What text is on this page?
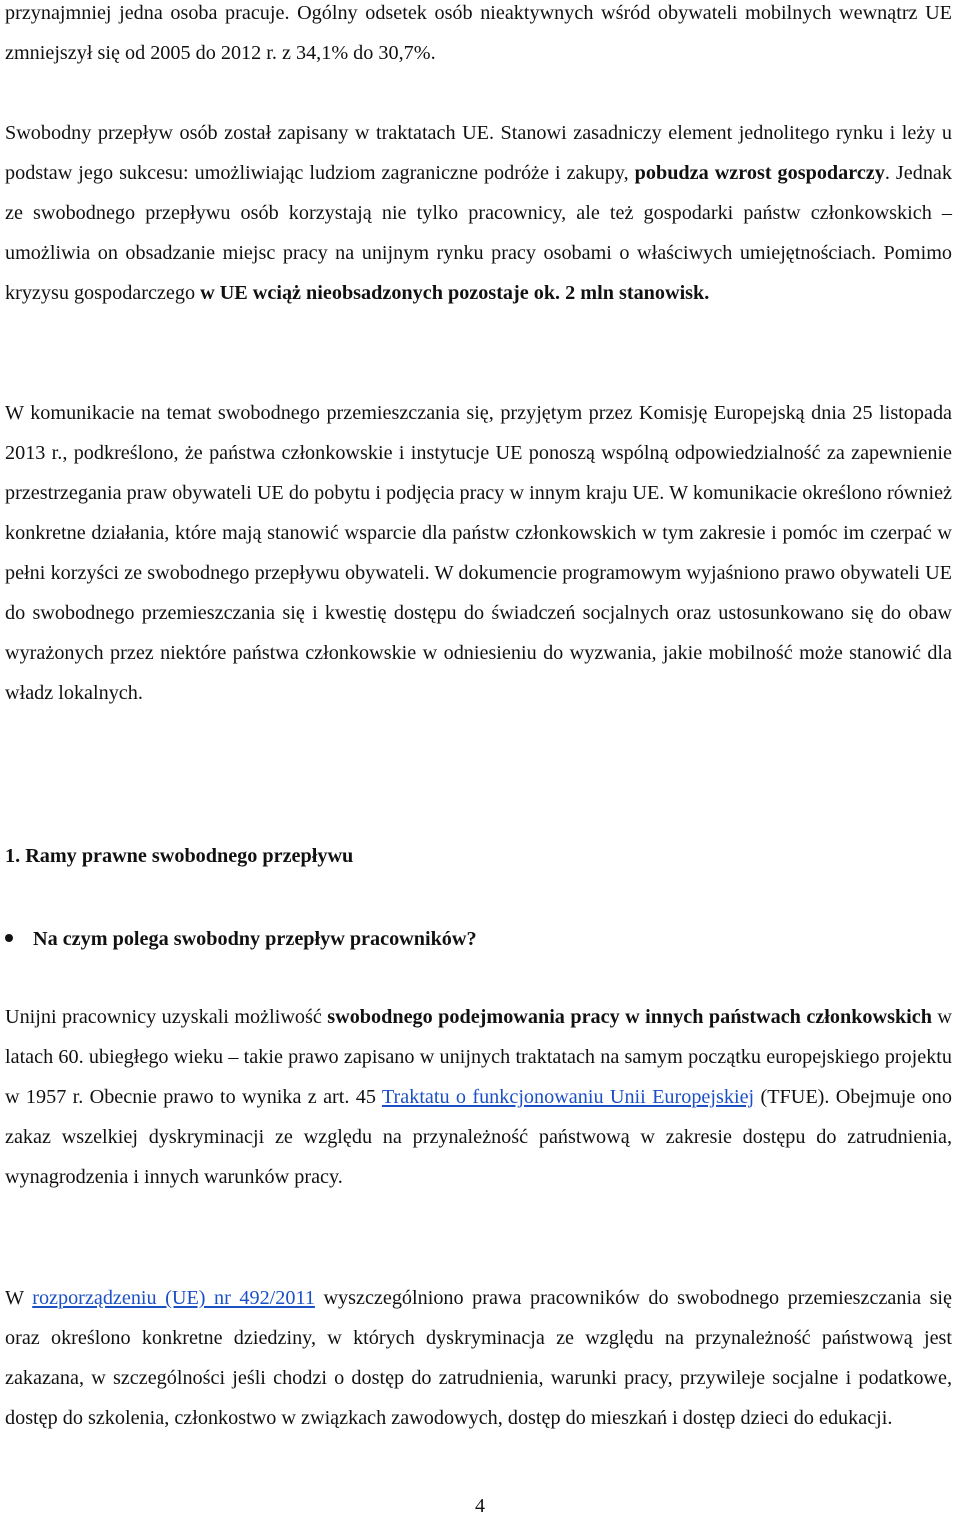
przynajmniej jedna osoba pracuje. Ogólny odsetek osób nieaktywnych wśród obywateli mobilnych wewnątrz UE zmniejszył się od 2005 do 2012 r. z 34,1% do 30,7%.

Swobodny przepływ osób został zapisany w traktatach UE. Stanowi zasadniczy element jednolitego rynku i leży u podstaw jego sukcesu: umożliwiając ludziom zagraniczne podróże i zakupy, pobudza wzrost gospodarczy. Jednak ze swobodnego przepływu osób korzystają nie tylko pracownicy, ale też gospodarki państw członkowskich – umożliwia on obsadzanie miejsc pracy na unijnym rynku pracy osobami o właściwych umiejętnościach. Pomimo kryzysu gospodarczego w UE wciąż nieobsadzonych pozostaje ok. 2 mln stanowisk.

W komunikacie na temat swobodnego przemieszczania się, przyjętym przez Komisję Europejską dnia 25 listopada 2013 r., podkreślono, że państwa członkowskie i instytucje UE ponoszą wspólną odpowiedzialność za zapewnienie przestrzegania praw obywateli UE do pobytu i podjęcia pracy w innym kraju UE. W komunikacie określono również konkretne działania, które mają stanowić wsparcie dla państw członkowskich w tym zakresie i pomóc im czerpać w pełni korzyści ze swobodnego przepływu obywateli. W dokumencie programowym wyjaśniono prawo obywateli UE do swobodnego przemieszczania się i kwestię dostępu do świadczeń socjalnych oraz ustosunkowano się do obaw wyrażonych przez niektóre państwa członkowskie w odniesieniu do wyzwania, jakie mobilność może stanowić dla władz lokalnych.

1. Ramy prawne swobodnego przepływu
Na czym polega swobodny przepływ pracowników?

Unijni pracownicy uzyskali możliwość swobodnego podejmowania pracy w innych państwach członkowskich w latach 60. ubiegłego wieku – takie prawo zapisano w unijnych traktatach na samym początku europejskiego projektu w 1957 r. Obecnie prawo to wynika z art. 45 Traktatu o funkcjonowaniu Unii Europejskiej (TFUE). Obejmuje ono zakaz wszelkiej dyskryminacji ze względu na przynależność państwową w zakresie dostępu do zatrudnienia, wynagrodzenia i innych warunków pracy.

W rozporządzeniu (UE) nr 492/2011 wyszczególniono prawa pracowników do swobodnego przemieszczania się oraz określono konkretne dziedziny, w których dyskryminacja ze względu na przynależność państwową jest zakazana, w szczególności jeśli chodzi o dostęp do zatrudnienia, warunki pracy, przywileje socjalne i podatkowe, dostęp do szkolenia, członkostwo w związkach zawodowych, dostęp do mieszkań i dostęp dzieci do edukacji.

4
